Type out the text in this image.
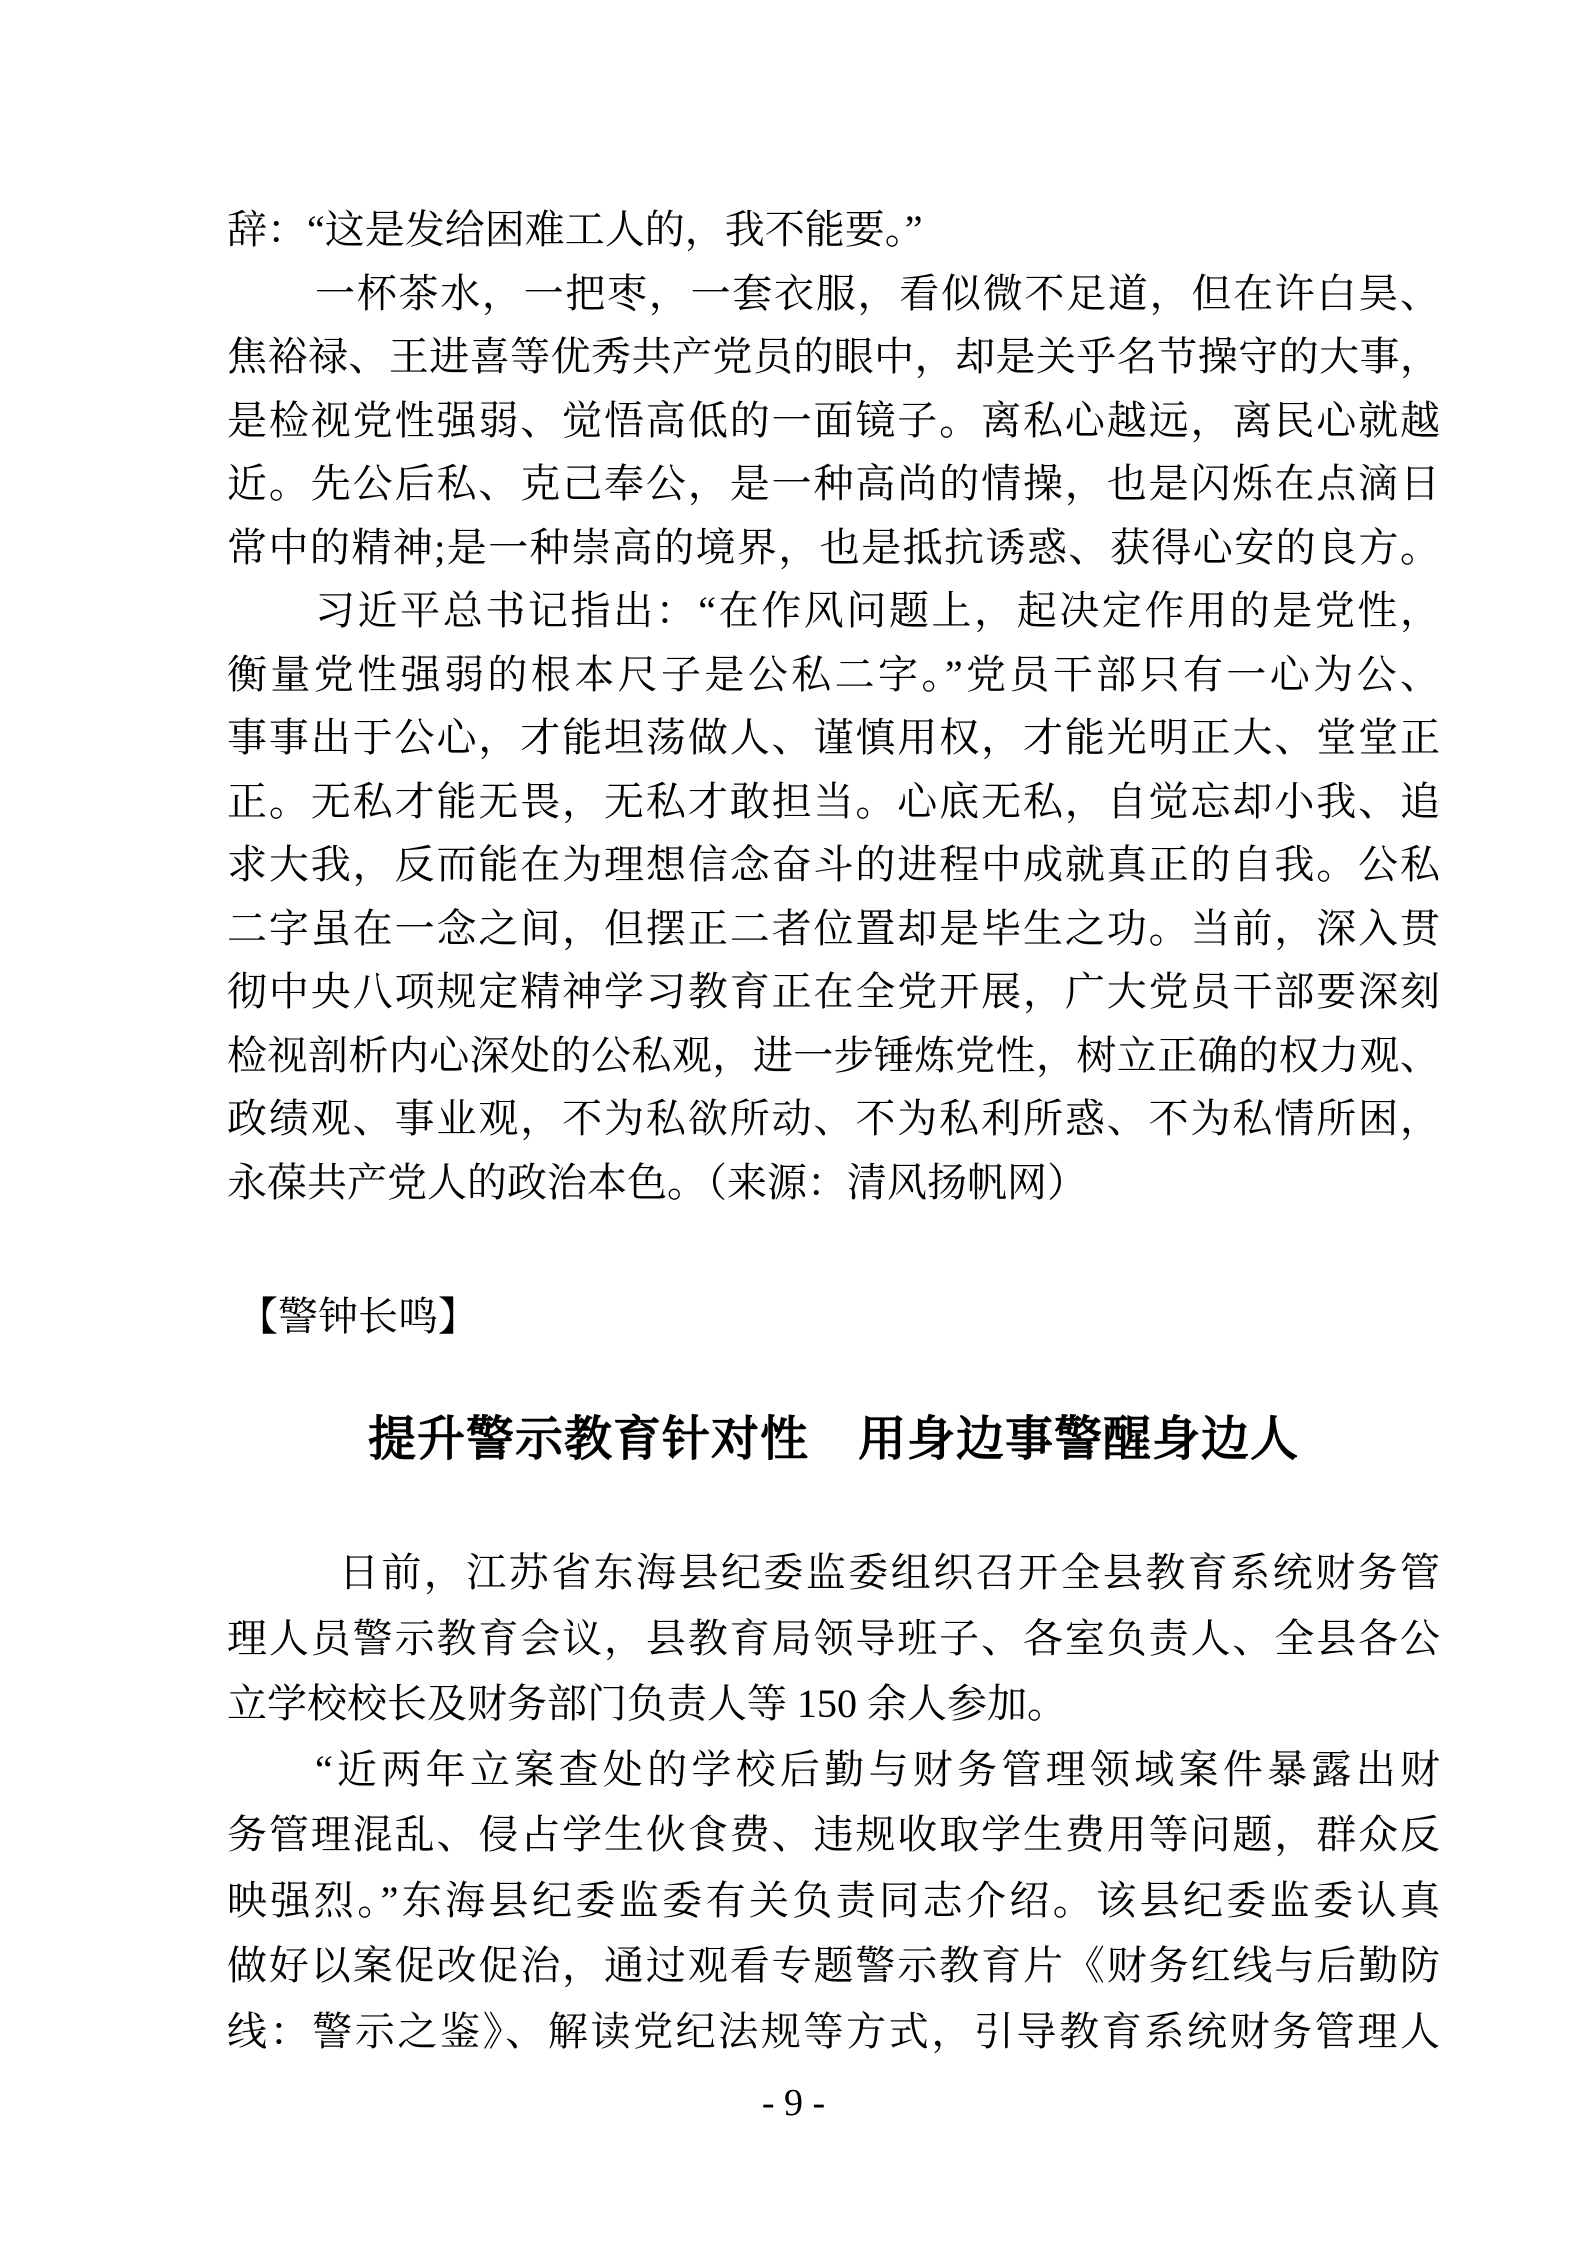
辞：“这是发给困难工人的，我不能要。”
一杯茶水，一把枣，一套衣服，看似微不足道，但在许白昊、
焦裕禄、王进喜等优秀共产党员的眼中，却是关乎名节操守的大事，
是检视党性强弱、觉悟高低的一面镜子。离私心越远，离民心就越
近。先公后私、克己奉公，是一种高尚的情操，也是闪烁在点滴日
常中的精神;是一种崇高的境界，也是抵抗诱惑、获得心安的良方。
习近平总书记指出：“在作风问题上，起决定作用的是党性，
衡量党性强弱的根本尺子是公私二字。”党员干部只有一心为公、
事事出于公心，才能坦荡做人、谨慎用权，才能光明正大、堂堂正
正。无私才能无畏，无私才敢担当。心底无私，自觉忘却小我、追
求大我，反而能在为理想信念奋斗的进程中成就真正的自我。公私
二字虽在一念之间，但摆正二者位置却是毕生之功。当前，深入贯
彻中央八项规定精神学习教育正在全党开展，广大党员干部要深刻
检视剖析内心深处的公私观，进一步锤炼党性，树立正确的权力观、
政绩观、事业观，不为私欲所动、不为私利所惑、不为私情所困，
永葆共产党人的政治本色。（来源：清风扬帆网）
【警钟长鸣】
提升警示教育针对性　用身边事警醒身边人
日前，江苏省东海县纪委监委组织召开全县教育系统财务管
理人员警示教育会议，县教育局领导班子、各室负责人、全县各公
立学校校长及财务部门负责人等 150 余人参加。
“近两年立案查处的学校后勤与财务管理领域案件暴露出财
务管理混乱、侵占学生伙食费、违规收取学生费用等问题，群众反
映强烈。”东海县纪委监委有关负责同志介绍。该县纪委监委认真
做好以案促改促治，通过观看专题警示教育片《财务红线与后勤防
线：警示之鉴》、解读党纪法规等方式，引导教育系统财务管理人
- 9 -
